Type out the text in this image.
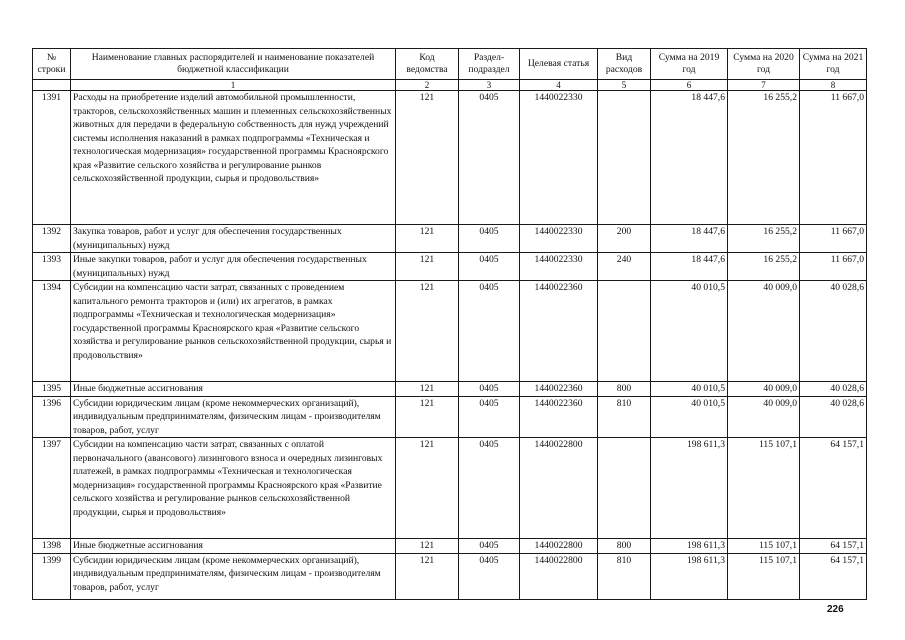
№ строки	Наименование главных распорядителей и наименование показателей бюджетной классификации	Код ведомства	Раздел-подраздел	Целевая статья	Вид расходов	Сумма на 2019 год	Сумма на 2020 год	Сумма на 2021 год
	1	2	3	4	5	6	7	8
1391	Расходы на приобретение изделий автомобильной промышленности, тракторов, сельскохозяйственных машин и племенных сельскохозяйственных животных для передачи в федеральную собственность для нужд учреждений системы исполнения наказаний в рамках подпрограммы «Техническая и технологическая модернизация» государственной программы Красноярского края «Развитие сельского хозяйства и регулирование рынков сельскохозяйственной продукции, сырья и продовольствия»	121	0405	1440022330		18 447,6	16 255,2	11 667,0
1392	Закупка товаров, работ и услуг для обеспечения государственных (муниципальных) нужд	121	0405	1440022330	200	18 447,6	16 255,2	11 667,0
1393	Иные закупки товаров, работ и услуг для обеспечения государственных (муниципальных) нужд	121	0405	1440022330	240	18 447,6	16 255,2	11 667,0
1394	Субсидии на компенсацию части затрат, связанных с проведением капитального ремонта тракторов и (или) их агрегатов, в рамках подпрограммы «Техническая и технологическая модернизация» государственной программы Красноярского края «Развитие сельского хозяйства и регулирование рынков сельскохозяйственной продукции, сырья и продовольствия»	121	0405	1440022360		40 010,5	40 009,0	40 028,6
1395	Иные бюджетные ассигнования	121	0405	1440022360	800	40 010,5	40 009,0	40 028,6
1396	Субсидии юридическим лицам (кроме некоммерческих организаций), индивидуальным предпринимателям, физическим лицам - производителям товаров, работ, услуг	121	0405	1440022360	810	40 010,5	40 009,0	40 028,6
1397	Субсидии на компенсацию части затрат, связанных с оплатой первоначального (авансового) лизингового взноса и очередных лизинговых платежей, в рамках подпрограммы «Техническая и технологическая модернизация» государственной программы Красноярского края «Развитие сельского хозяйства и регулирование рынков сельскохозяйственной продукции, сырья и продовольствия»	121	0405	1440022800		198 611,3	115 107,1	64 157,1
1398	Иные бюджетные ассигнования	121	0405	1440022800	800	198 611,3	115 107,1	64 157,1
1399	Субсидии юридическим лицам (кроме некоммерческих организаций), индивидуальным предпринимателям, физическим лицам - производителям товаров, работ, услуг	121	0405	1440022800	810	198 611,3	115 107,1	64 157,1
226
